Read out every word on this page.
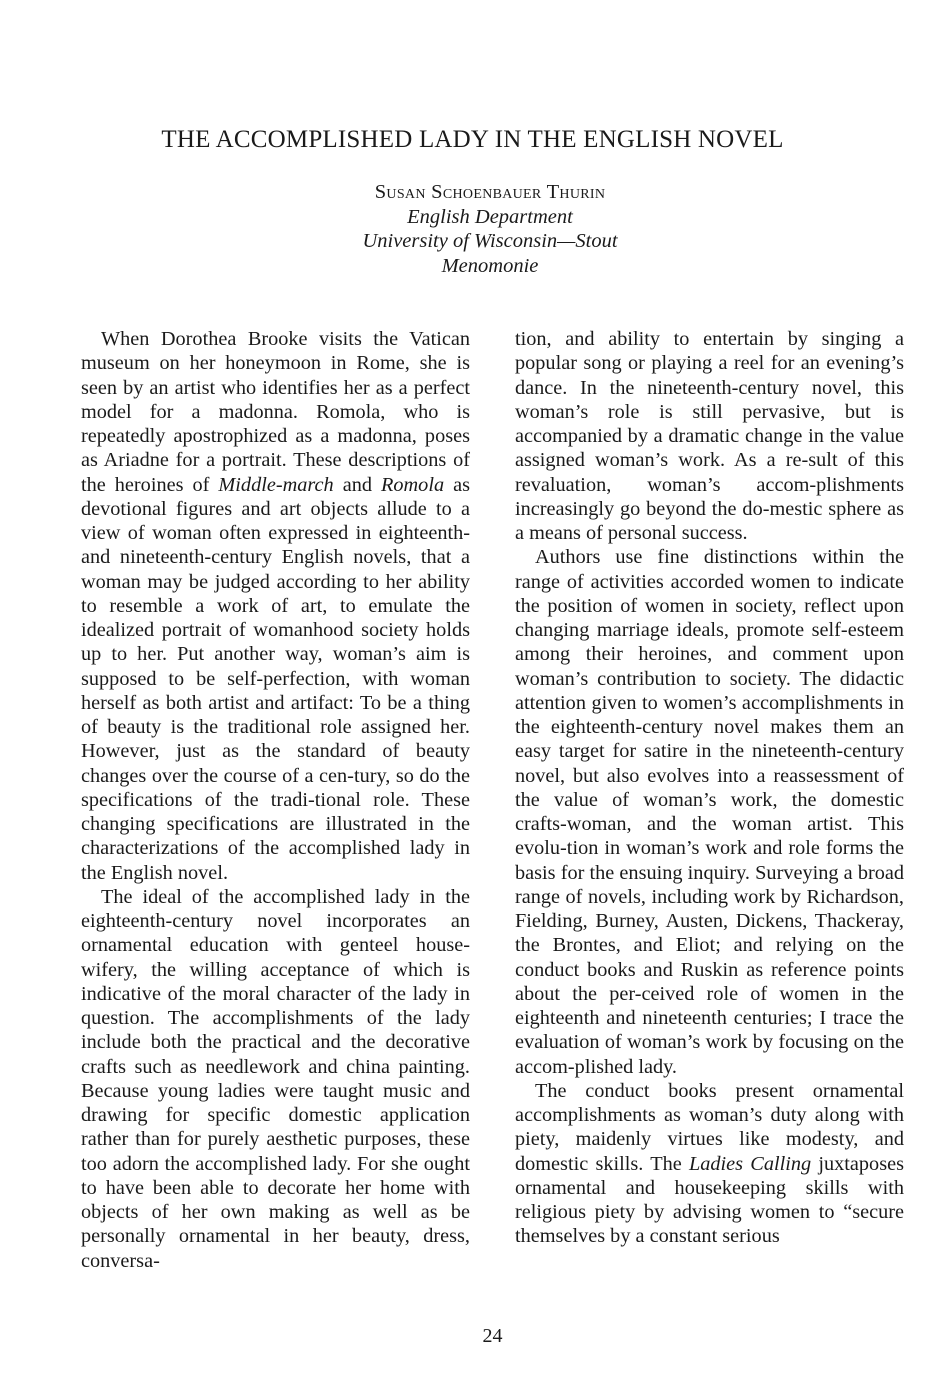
THE ACCOMPLISHED LADY IN THE ENGLISH NOVEL
Susan Schoenbauer Thurin
English Department
University of Wisconsin—Stout
Menomonie

When Dorothea Brooke visits the Vatican museum on her honeymoon in Rome, she is seen by an artist who identifies her as a perfect model for a madonna. Romola, who is repeatedly apostrophized as a madonna, poses as Ariadne for a portrait. These descriptions of the heroines of Middle-march and Romola as devotional figures and art objects allude to a view of woman often expressed in eighteenth- and nineteenth-century English novels, that a woman may be judged according to her ability to resemble a work of art, to emulate the idealized portrait of womanhood society holds up to her. Put another way, woman’s aim is supposed to be self-perfection, with woman herself as both artist and artifact: To be a thing of beauty is the traditional role assigned her. However, just as the standard of beauty changes over the course of a cen-tury, so do the specifications of the tradi-tional role. These changing specifications are illustrated in the characterizations of the accomplished lady in the English novel.

The ideal of the accomplished lady in the eighteenth-century novel incorporates an ornamental education with genteel house-wifery, the willing acceptance of which is indicative of the moral character of the lady in question. The accomplishments of the lady include both the practical and the decorative crafts such as needlework and china painting. Because young ladies were taught music and drawing for specific domestic application rather than for purely aesthetic purposes, these too adorn the accomplished lady. For she ought to have been able to decorate her home with objects of her own making as well as be personally ornamental in her beauty, dress, conversa-

tion, and ability to entertain by singing a popular song or playing a reel for an evening’s dance. In the nineteenth-century novel, this woman’s role is still pervasive, but is accompanied by a dramatic change in the value assigned woman’s work. As a re-sult of this revaluation, woman’s accom-plishments increasingly go beyond the do-mestic sphere as a means of personal success.

Authors use fine distinctions within the range of activities accorded women to indicate the position of women in society, reflect upon changing marriage ideals, promote self-esteem among their heroines, and comment upon woman’s contribution to society. The didactic attention given to women’s accomplishments in the eighteenth-century novel makes them an easy target for satire in the nineteenth-century novel, but also evolves into a reassessment of the value of woman’s work, the domestic crafts-woman, and the woman artist. This evolu-tion in woman’s work and role forms the basis for the ensuing inquiry. Surveying a broad range of novels, including work by Richardson, Fielding, Burney, Austen, Dickens, Thackeray, the Brontes, and Eliot; and relying on the conduct books and Ruskin as reference points about the per-ceived role of women in the eighteenth and nineteenth centuries; I trace the evaluation of woman’s work by focusing on the accom-plished lady.

The conduct books present ornamental accomplishments as woman’s duty along with piety, maidenly virtues like modesty, and domestic skills. The Ladies Calling juxtaposes ornamental and housekeeping skills with religious piety by advising women to “secure themselves by a constant serious

24
